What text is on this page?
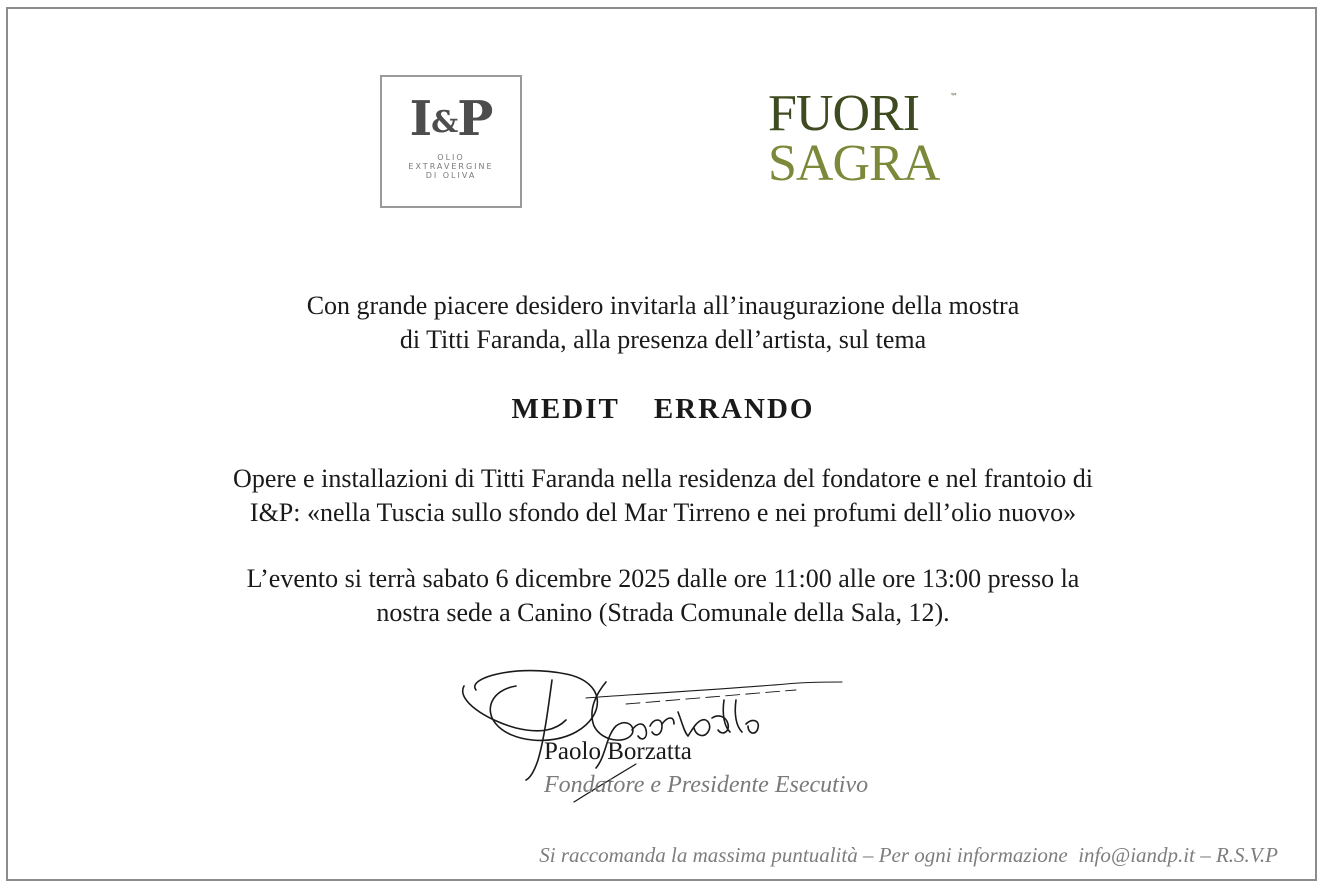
I&P
OLIO
EXTRAVERGINE
DI OLIVA
FUORI	™
SAGRA
Con grande piacere desidero invitarla all’inaugurazione della mostra
di Titti Faranda, alla presenza dell’artista, sul tema
MEDIT ERRANDO
Opere e installazioni di Titti Faranda nella residenza del fondatore e nel frantoio di
I&P: «nella Tuscia sullo sfondo del Mar Tirreno e nei profumi dell’olio nuovo»
L’evento si terrà sabato 6 dicembre 2025 dalle ore 11:00 alle ore 13:00 presso la
nostra sede a Canino (Strada Comunale della Sala, 12).
Paolo Borzatta
Fondatore e Presidente Esecutivo
Si raccomanda la massima puntualità – Per ogni informazione  info@iandp.it – R.S.V.P
